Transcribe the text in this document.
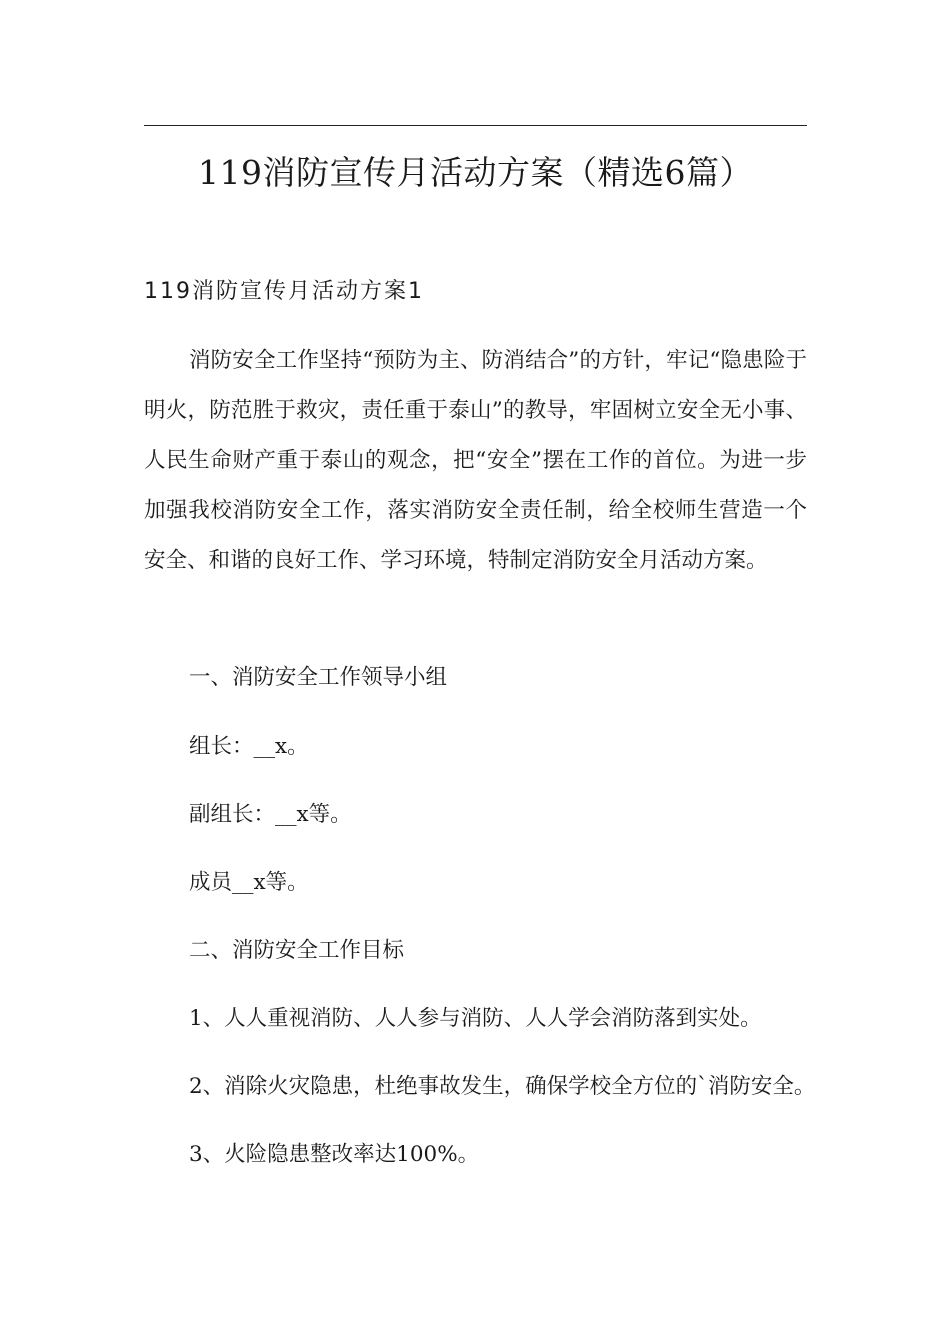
119消防宣传月活动方案（精选6篇）
119消防宣传月活动方案1
消防安全工作坚持“预防为主、防消结合”的方针，牢记“隐患险于明火，防范胜于救灾，责任重于泰山”的教导，牢固树立安全无小事、人民生命财产重于泰山的观念，把“安全”摆在工作的首位。为进一步加强我校消防安全工作，落实消防安全责任制，给全校师生营造一个安全、和谐的良好工作、学习环境，特制定消防安全月活动方案。
一、消防安全工作领导小组
组长：__x。
副组长：__x等。
成员__x等。
二、消防安全工作目标
1、人人重视消防、人人参与消防、人人学会消防落到实处。
2、消除火灾隐患，杜绝事故发生，确保学校全方位的`消防安全。
3、火险隐患整改率达100%。
